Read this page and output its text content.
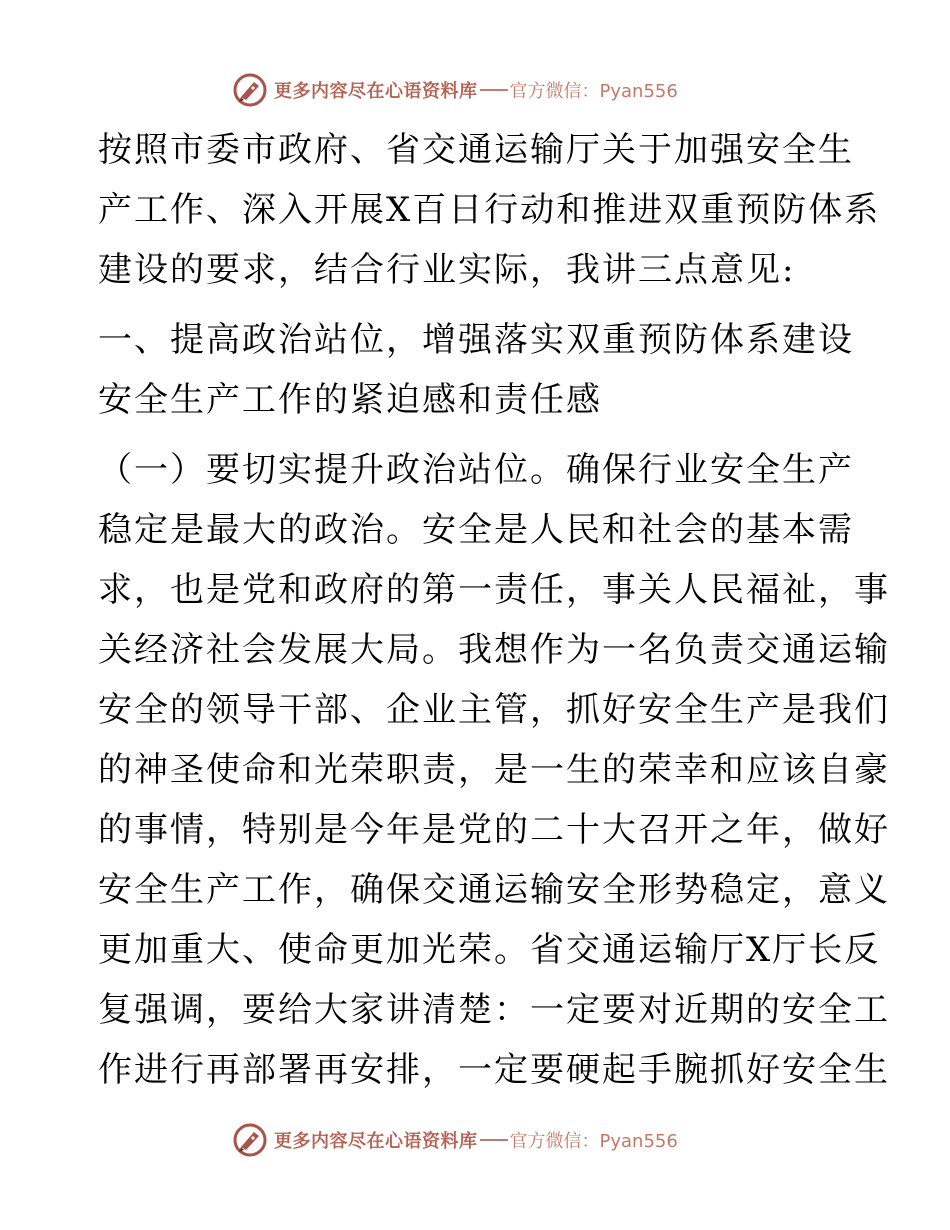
更多内容尽在心语资料库 官方微信：Pyan556
按照市委市政府、省交通运输厅关于加强安全生
产工作、深入开展X百日行动和推进双重预防体系
建设的要求，结合行业实际，我讲三点意见:
一、提高政治站位，增强落实双重预防体系建设
安全生产工作的紧迫感和责任感
（一）要切实提升政治站位。确保行业安全生产
稳定是最大的政治。安全是人民和社会的基本需
求，也是党和政府的第一责任，事关人民福祉，事
关经济社会发展大局。我想作为一名负责交通运输
安全的领导干部、企业主管，抓好安全生产是我们
的神圣使命和光荣职责，是一生的荣幸和应该自豪
的事情，特别是今年是党的二十大召开之年，做好
安全生产工作，确保交通运输安全形势稳定，意义
更加重大、使命更加光荣。省交通运输厅X厅长反
复强调，要给大家讲清楚：一定要对近期的安全工
作进行再部署再安排，一定要硬起手腕抓好安全生
更多内容尽在心语资料库 官方微信：Pyan556
